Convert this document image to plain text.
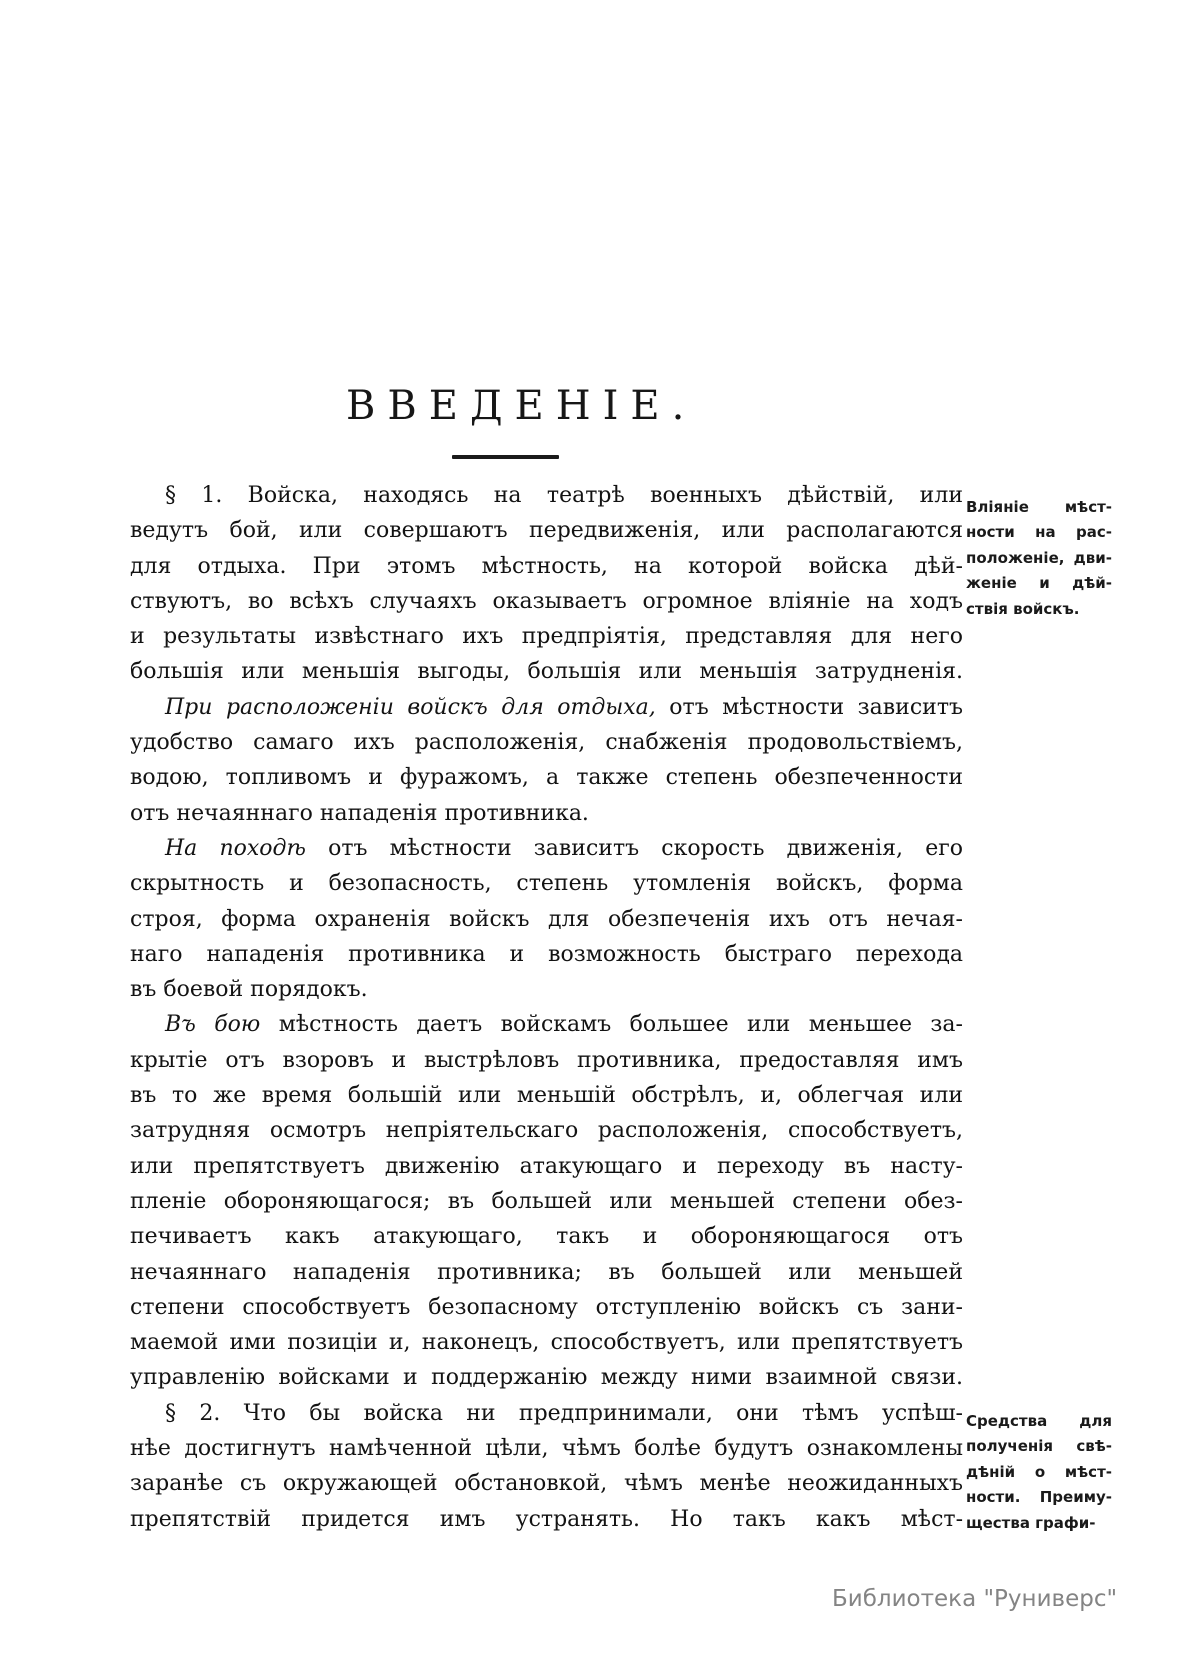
ВВЕДЕНІЕ.
§ 1. Войска, находясь на театрѣ военныхъ дѣйствій, или
ведутъ бой, или совершаютъ передвиженія, или располагаются
для отдыха. При этомъ мѣстность, на которой войска дѣй-
ствуютъ, во всѣхъ случаяхъ оказываетъ огромное вліяніе на ходъ
и результаты извѣстнаго ихъ предпріятія, представляя для него
большія или меньшія выгоды, большія или меньшія затрудненія.
При расположеніи войскъ для отдыха, отъ мѣстности зависитъ
удобство самаго ихъ расположенія, снабженія продовольствіемъ,
водою, топливомъ и фуражомъ, а также степень обезпеченности
отъ нечаяннаго нападенія противника.
На походѣ отъ мѣстности зависитъ скорость движенія, его
скрытность и безопасность, степень утомленія войскъ, форма
строя, форма охраненія войскъ для обезпеченія ихъ отъ нечая-
наго нападенія противника и возможность быстраго перехода
въ боевой порядокъ.
Въ бою мѣстность даетъ войскамъ большее или меньшее за-
крытіе отъ взоровъ и выстрѣловъ противника, предоставляя имъ
въ то же время большій или меньшій обстрѣлъ, и, облегчая или
затрудняя осмотръ непріятельскаго расположенія, способствуетъ,
или препятствуетъ движенію атакующаго и переходу въ насту-
пленіе обороняющагося; въ большей или меньшей степени обез-
печиваетъ какъ атакующаго, такъ и обороняющагося отъ
нечаяннаго нападенія противника; въ большей или меньшей
степени способствуетъ безопасному отступленію войскъ съ зани-
маемой ими позиціи и, наконецъ, способствуетъ, или препятствуетъ
управленію войсками и поддержанію между ними взаимной связи.
§ 2. Что бы войска ни предпринимали, они тѣмъ успѣш-
нѣе достигнутъ намѣченной цѣли, чѣмъ болѣе будутъ ознакомлены
заранѣе съ окружающей обстановкой, чѣмъ менѣе неожиданныхъ
препятствій придется имъ устранять. Но такъ какъ мѣст-
Вліяніе мѣст-
ности на рас-
положеніе, дви-
женіе и дѣй-
ствія войскъ.
Средства для
полученія свѣ-
дѣній о мѣст-
ности. Преиму-
щества графи-
Библиотека "Руниверс"
